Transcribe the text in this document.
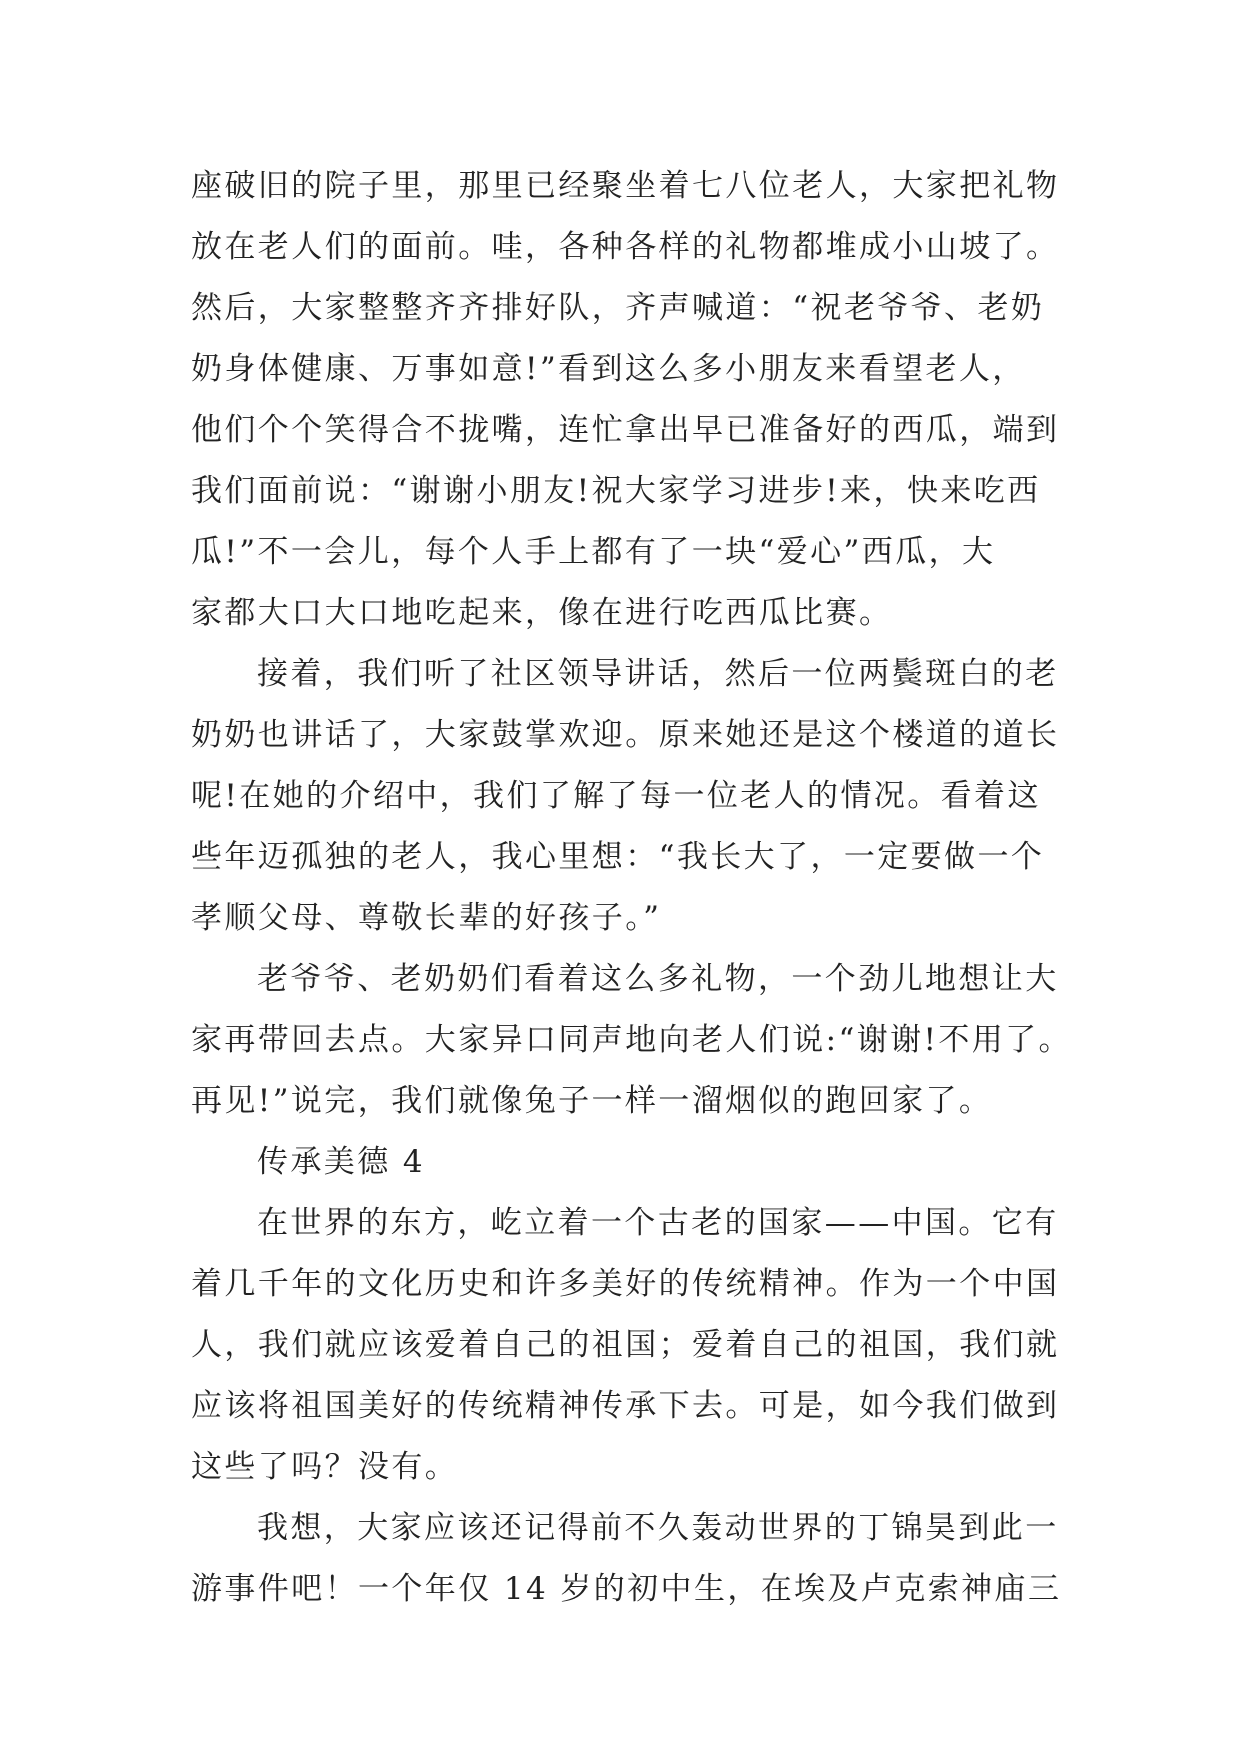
座破旧的院子里，那里已经聚坐着七八位老人，大家把礼物
放在老人们的面前。哇，各种各样的礼物都堆成小山坡了。
然后，大家整整齐齐排好队，齐声喊道：“祝老爷爷、老奶
奶身体健康、万事如意!”看到这么多小朋友来看望老人，
他们个个笑得合不拢嘴，连忙拿出早已准备好的西瓜，端到
我们面前说：“谢谢小朋友!祝大家学习进步!来，快来吃西
瓜!”不一会儿，每个人手上都有了一块“爱心”西瓜，大
家都大口大口地吃起来，像在进行吃西瓜比赛。
接着，我们听了社区领导讲话，然后一位两鬓斑白的老
奶奶也讲话了，大家鼓掌欢迎。原来她还是这个楼道的道长
呢!在她的介绍中，我们了解了每一位老人的情况。看着这
些年迈孤独的老人，我心里想：“我长大了，一定要做一个
孝顺父母、尊敬长辈的好孩子。”
老爷爷、老奶奶们看着这么多礼物，一个劲儿地想让大
家再带回去点。大家异口同声地向老人们说:“谢谢!不用了。
再见!”说完，我们就像兔子一样一溜烟似的跑回家了。
传承美德 4
在世界的东方，屹立着一个古老的国家——中国。它有
着几千年的文化历史和许多美好的传统精神。作为一个中国
人，我们就应该爱着自己的祖国；爱着自己的祖国，我们就
应该将祖国美好的传统精神传承下去。可是，如今我们做到
这些了吗？没有。
我想，大家应该还记得前不久轰动世界的丁锦昊到此一
游事件吧！一个年仅 14 岁的初中生，在埃及卢克索神庙三
